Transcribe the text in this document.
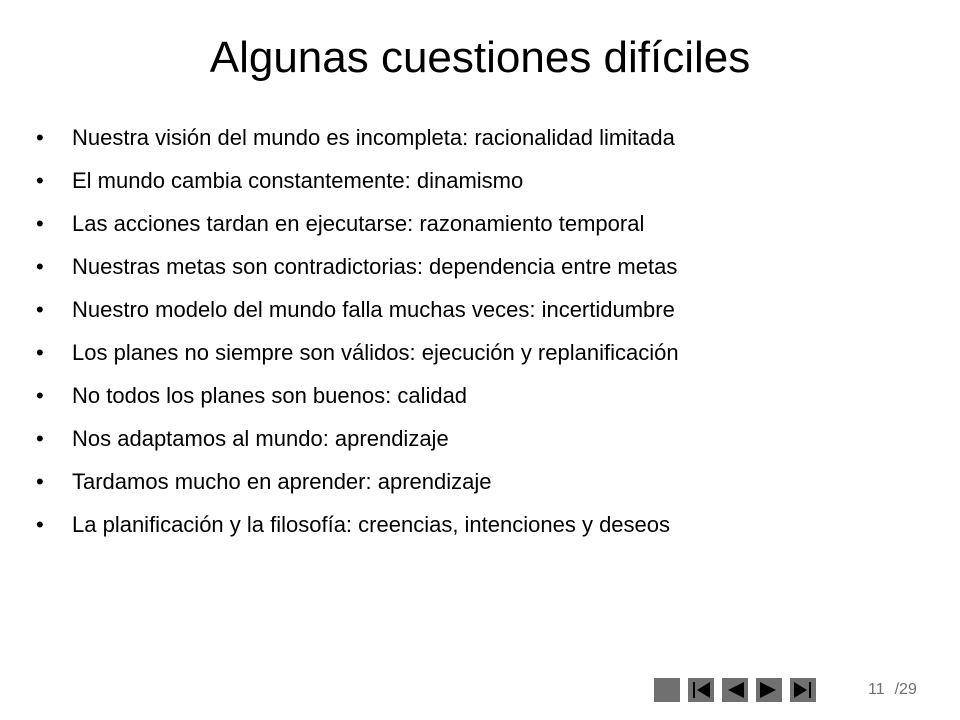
Algunas cuestiones difíciles
• Nuestra visión del mundo es incompleta: racionalidad limitada
• El mundo cambia constantemente: dinamismo
• Las acciones tardan en ejecutarse: razonamiento temporal
• Nuestras metas son contradictorias: dependencia entre metas
• Nuestro modelo del mundo falla muchas veces: incertidumbre
• Los planes no siempre son válidos: ejecución y replanificación
• No todos los planes son buenos: calidad
• Nos adaptamos al mundo: aprendizaje
• Tardamos mucho en aprender: aprendizaje
• La planificación y la filosofía: creencias, intenciones y deseos
11 /29
